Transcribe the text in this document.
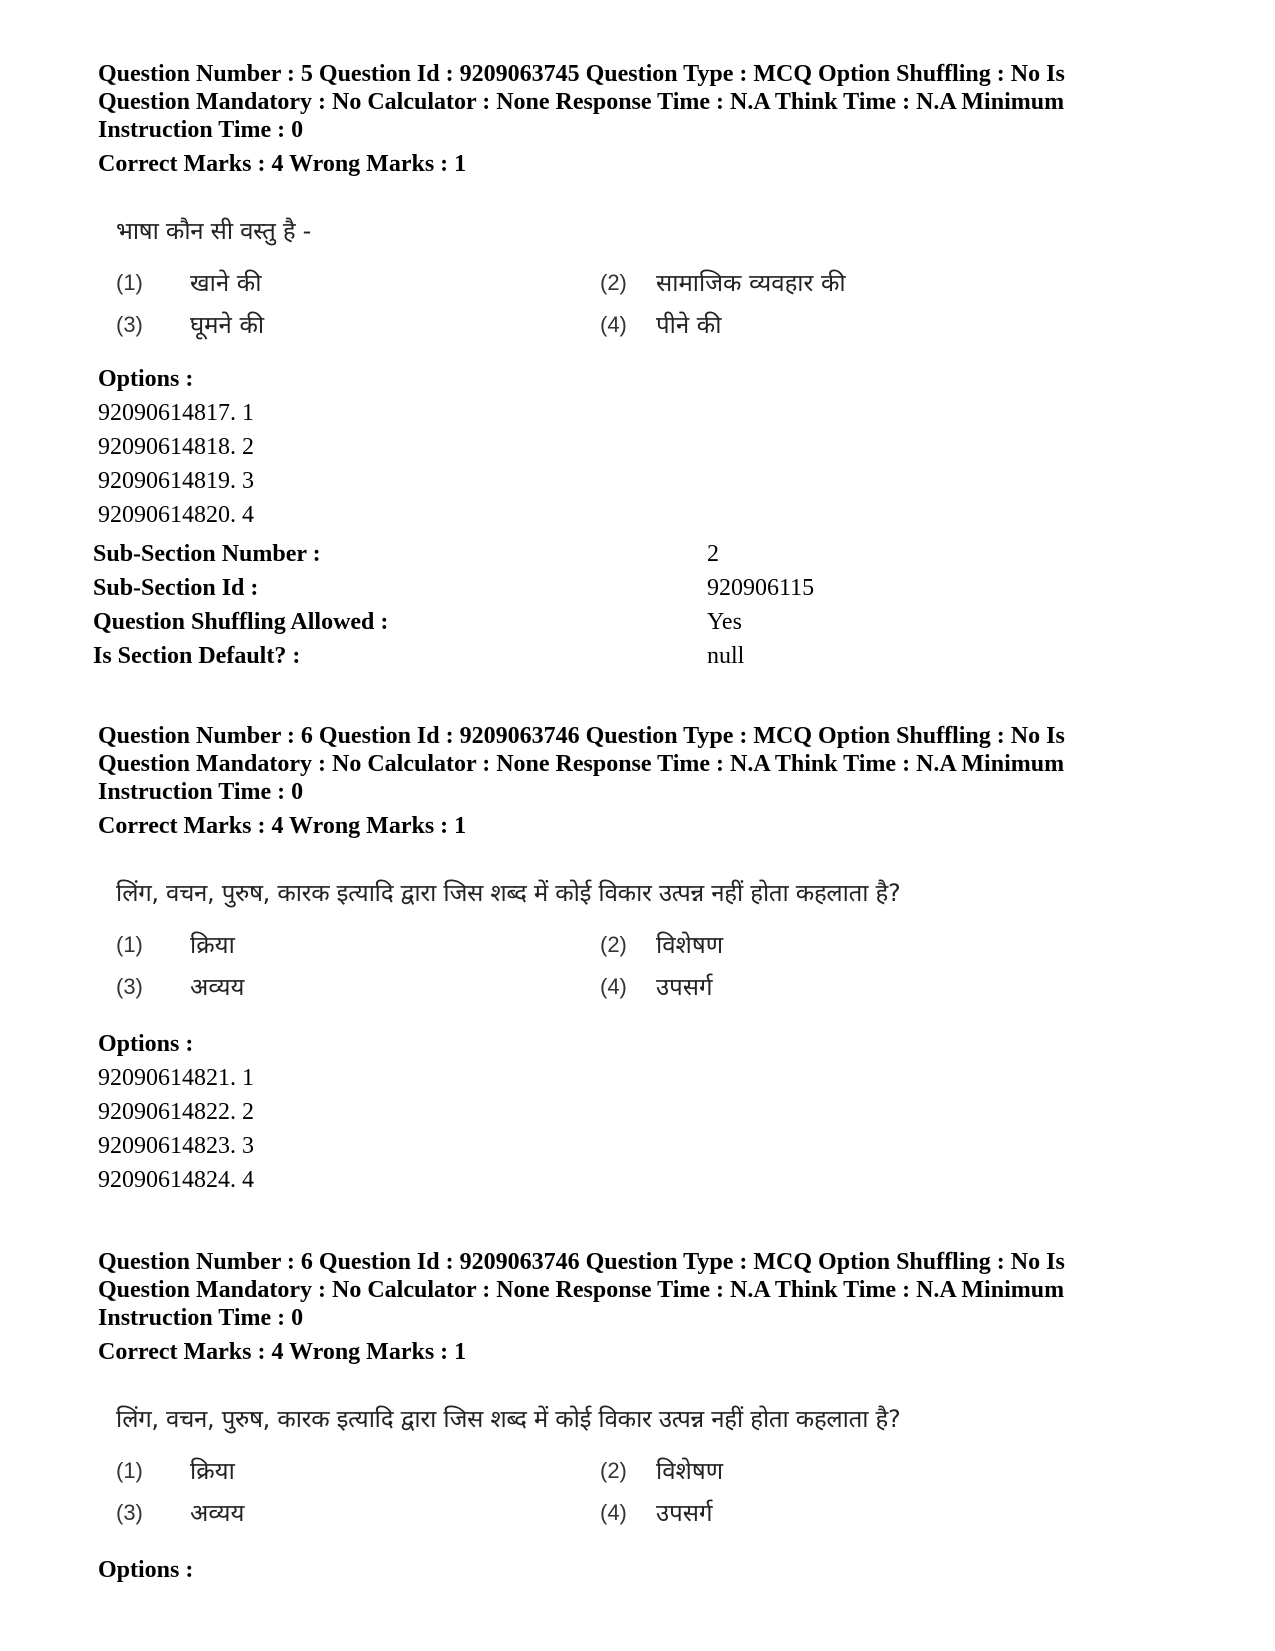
Question Number : 5 Question Id : 9209063745 Question Type : MCQ Option Shuffling : No Is
Question Mandatory : No Calculator : None Response Time : N.A Think Time : N.A Minimum
Instruction Time : 0
Correct Marks : 4 Wrong Marks : 1
भाषा कौन सी वस्तु है -
(1) खाने की	(2) सामाजिक व्यवहार की
(3) घूमने की	(4) पीने की
Options :
92090614817. 1
92090614818. 2
92090614819. 3
92090614820. 4
Sub-Section Number :	2
Sub-Section Id :	920906115
Question Shuffling Allowed :	Yes
Is Section Default? :	null
Question Number : 6 Question Id : 9209063746 Question Type : MCQ Option Shuffling : No Is
Question Mandatory : No Calculator : None Response Time : N.A Think Time : N.A Minimum
Instruction Time : 0
Correct Marks : 4 Wrong Marks : 1
लिंग, वचन, पुरुष, कारक इत्यादि द्वारा जिस शब्द में कोई विकार उत्पन्न नहीं होता कहलाता है?
(1) क्रिया	(2) विशेषण
(3) अव्यय	(4) उपसर्ग
Options :
92090614821. 1
92090614822. 2
92090614823. 3
92090614824. 4
Question Number : 6 Question Id : 9209063746 Question Type : MCQ Option Shuffling : No Is
Question Mandatory : No Calculator : None Response Time : N.A Think Time : N.A Minimum
Instruction Time : 0
Correct Marks : 4 Wrong Marks : 1
लिंग, वचन, पुरुष, कारक इत्यादि द्वारा जिस शब्द में कोई विकार उत्पन्न नहीं होता कहलाता है?
(1) क्रिया	(2) विशेषण
(3) अव्यय	(4) उपसर्ग
Options :
